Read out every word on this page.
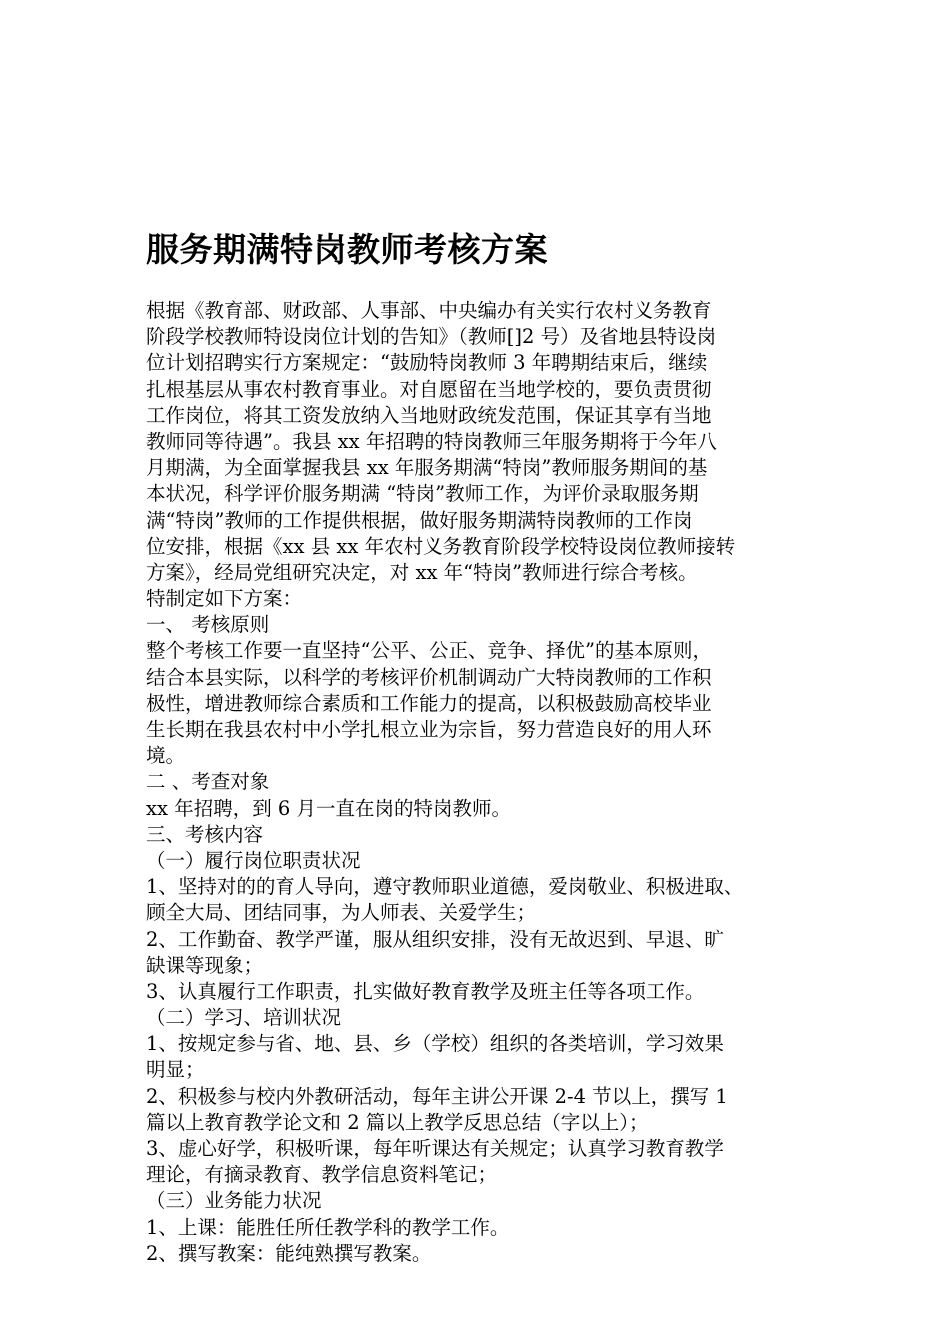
服务期满特岗教师考核方案
根据《教育部、财政部、人事部、中央编办有关实行农村义务教育
阶段学校教师特设岗位计划的告知》（教师[]2 号）及省地县特设岗
位计划招聘实行方案规定：“鼓励特岗教师 3 年聘期结束后，继续
扎根基层从事农村教育事业。对自愿留在当地学校的，要负责贯彻
工作岗位，将其工资发放纳入当地财政统发范围，保证其享有当地
教师同等待遇”。我县 xx 年招聘的特岗教师三年服务期将于今年八
月期满，为全面掌握我县 xx 年服务期满“特岗”教师服务期间的基
本状况，科学评价服务期满 “特岗”教师工作，为评价录取服务期
满“特岗”教师的工作提供根据，做好服务期满特岗教师的工作岗
位安排，根据《xx 县 xx 年农村义务教育阶段学校特设岗位教师接转
方案》，经局党组研究决定，对 xx 年“特岗”教师进行综合考核。
特制定如下方案：
一、 考核原则
整个考核工作要一直坚持“公平、公正、竞争、择优”的基本原则，
结合本县实际，以科学的考核评价机制调动广大特岗教师的工作积
极性，增进教师综合素质和工作能力的提高，以积极鼓励高校毕业
生长期在我县农村中小学扎根立业为宗旨，努力营造良好的用人环
境。
二 、考查对象
xx 年招聘，到 6 月一直在岗的特岗教师。
三、考核内容
（一）履行岗位职责状况
1、坚持对的的育人导向，遵守教师职业道德，爱岗敬业、积极进取、
顾全大局、团结同事，为人师表、关爱学生；
2、工作勤奋、教学严谨，服从组织安排，没有无故迟到、早退、旷
缺课等现象；
3、认真履行工作职责，扎实做好教育教学及班主任等各项工作。
（二）学习、培训状况
1、按规定参与省、地、县、乡（学校）组织的各类培训，学习效果
明显；
2、积极参与校内外教研活动，每年主讲公开课 2-4 节以上，撰写 1
篇以上教育教学论文和 2 篇以上教学反思总结（字以上）；
3、虚心好学，积极听课，每年听课达有关规定；认真学习教育教学
理论，有摘录教育、教学信息资料笔记；
（三）业务能力状况
1、上课：能胜任所任教学科的教学工作。
2、撰写教案：能纯熟撰写教案。
